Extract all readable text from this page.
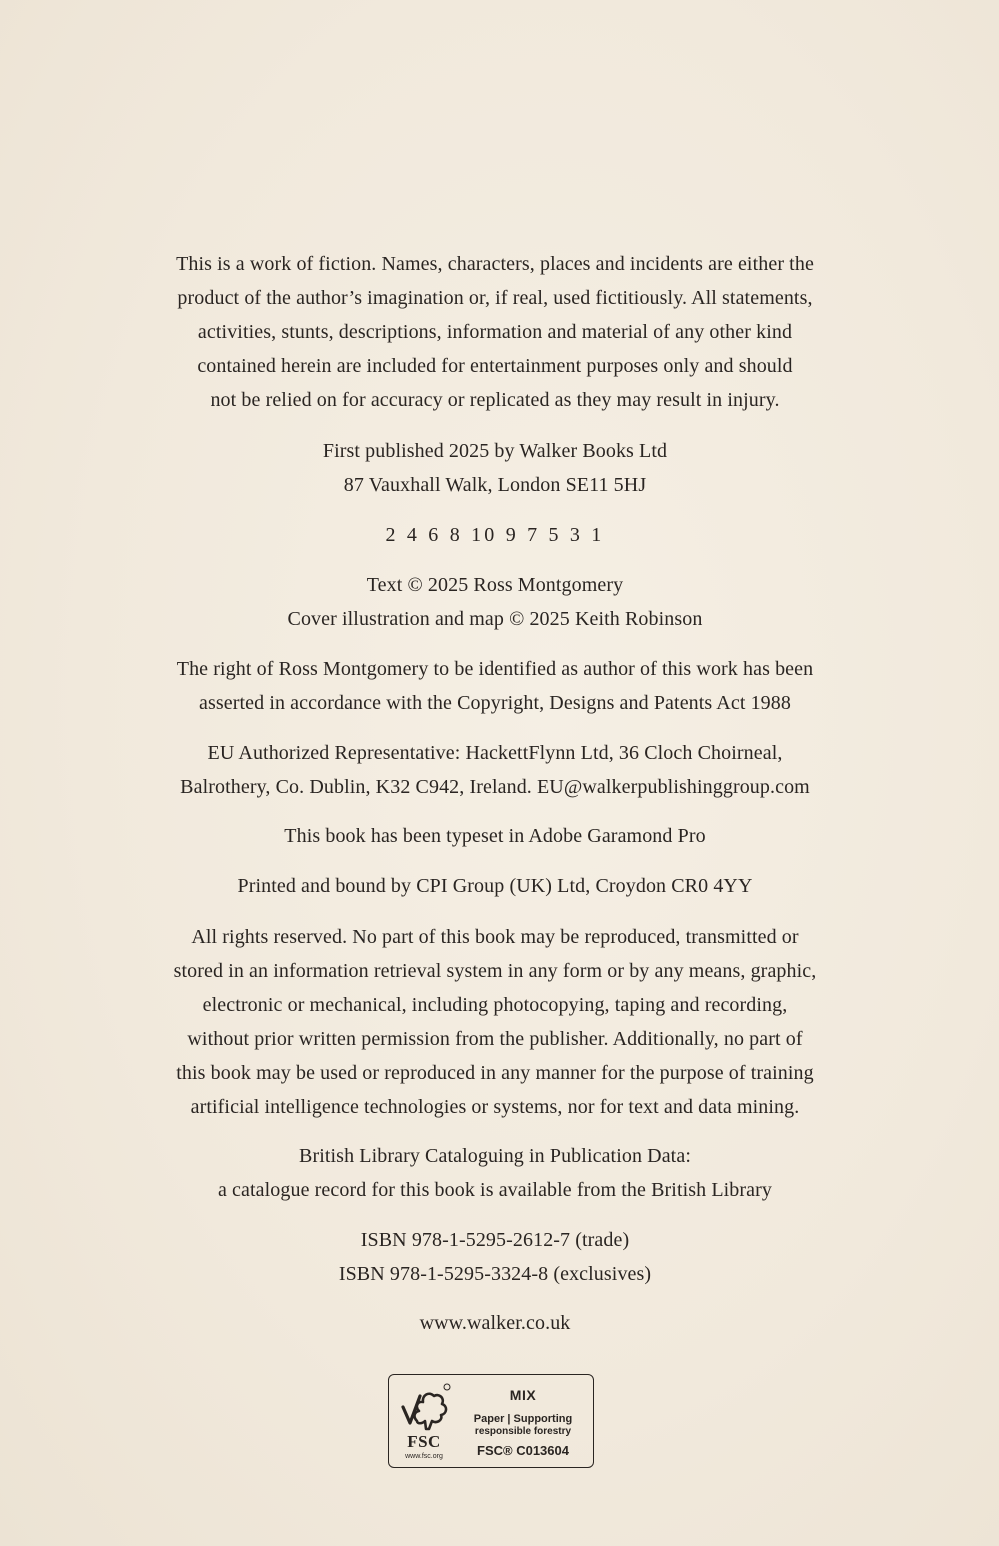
This is a work of fiction. Names, characters, places and incidents are either the
product of the author’s imagination or, if real, used fictitiously. All statements,
activities, stunts, descriptions, information and material of any other kind
contained herein are included for entertainment purposes only and should
not be relied on for accuracy or replicated as they may result in injury.
First published 2025 by Walker Books Ltd
87 Vauxhall Walk, London SE11 5HJ
2 4 6 8 10 9 7 5 3 1
Text © 2025 Ross Montgomery
Cover illustration and map © 2025 Keith Robinson
The right of Ross Montgomery to be identified as author of this work has been
asserted in accordance with the Copyright, Designs and Patents Act 1988
EU Authorized Representative: HackettFlynn Ltd, 36 Cloch Choirneal,
Balrothery, Co. Dublin, K32 C942, Ireland. EU@walkerpublishinggroup.com
This book has been typeset in Adobe Garamond Pro
Printed and bound by CPI Group (UK) Ltd, Croydon CR0 4YY
All rights reserved. No part of this book may be reproduced, transmitted or
stored in an information retrieval system in any form or by any means, graphic,
electronic or mechanical, including photocopying, taping and recording,
without prior written permission from the publisher. Additionally, no part of
this book may be used or reproduced in any manner for the purpose of training
artificial intelligence technologies or systems, nor for text and data mining.
British Library Cataloguing in Publication Data:
a catalogue record for this book is available from the British Library
ISBN 978-1-5295-2612-7 (trade)
ISBN 978-1-5295-3324-8 (exclusives)
www.walker.co.uk
FSC
www.fsc.org
MIX
Paper | Supporting
responsible forestry
FSC® C013604
